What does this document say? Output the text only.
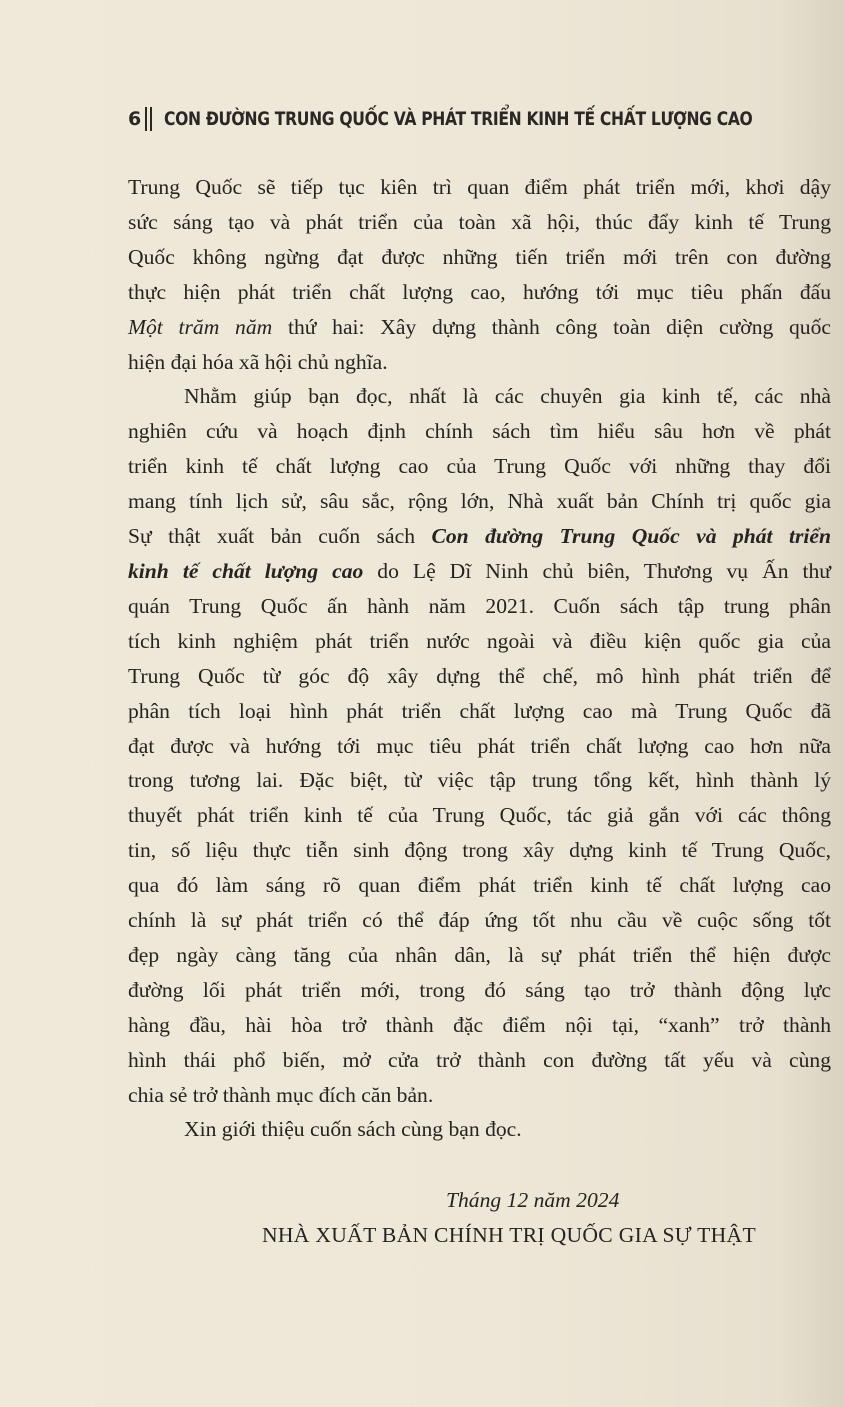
6 CON ĐƯỜNG TRUNG QUỐC VÀ PHÁT TRIỂN KINH TẾ CHẤT LƯỢNG CAO
Trung Quốc sẽ tiếp tục kiên trì quan điểm phát triển mới, khơi dậy
sức sáng tạo và phát triển của toàn xã hội, thúc đẩy kinh tế Trung
Quốc không ngừng đạt được những tiến triển mới trên con đường
thực hiện phát triển chất lượng cao, hướng tới mục tiêu phấn đấu
Một trăm năm thứ hai: Xây dựng thành công toàn diện cường quốc
hiện đại hóa xã hội chủ nghĩa.
Nhằm giúp bạn đọc, nhất là các chuyên gia kinh tế, các nhà
nghiên cứu và hoạch định chính sách tìm hiểu sâu hơn về phát
triển kinh tế chất lượng cao của Trung Quốc với những thay đổi
mang tính lịch sử, sâu sắc, rộng lớn, Nhà xuất bản Chính trị quốc gia
Sự thật xuất bản cuốn sách Con đường Trung Quốc và phát triển
kinh tế chất lượng cao do Lệ Dĩ Ninh chủ biên, Thương vụ Ấn thư
quán Trung Quốc ấn hành năm 2021. Cuốn sách tập trung phân
tích kinh nghiệm phát triển nước ngoài và điều kiện quốc gia của
Trung Quốc từ góc độ xây dựng thể chế, mô hình phát triển để
phân tích loại hình phát triển chất lượng cao mà Trung Quốc đã
đạt được và hướng tới mục tiêu phát triển chất lượng cao hơn nữa
trong tương lai. Đặc biệt, từ việc tập trung tổng kết, hình thành lý
thuyết phát triển kinh tế của Trung Quốc, tác giả gắn với các thông
tin, số liệu thực tiễn sinh động trong xây dựng kinh tế Trung Quốc,
qua đó làm sáng rõ quan điểm phát triển kinh tế chất lượng cao
chính là sự phát triển có thể đáp ứng tốt nhu cầu về cuộc sống tốt
đẹp ngày càng tăng của nhân dân, là sự phát triển thể hiện được
đường lối phát triển mới, trong đó sáng tạo trở thành động lực
hàng đầu, hài hòa trở thành đặc điểm nội tại, “xanh” trở thành
hình thái phổ biến, mở cửa trở thành con đường tất yếu và cùng
chia sẻ trở thành mục đích căn bản.
Xin giới thiệu cuốn sách cùng bạn đọc.
Tháng 12 năm 2024
NHÀ XUẤT BẢN CHÍNH TRỊ QUỐC GIA SỰ THẬT
